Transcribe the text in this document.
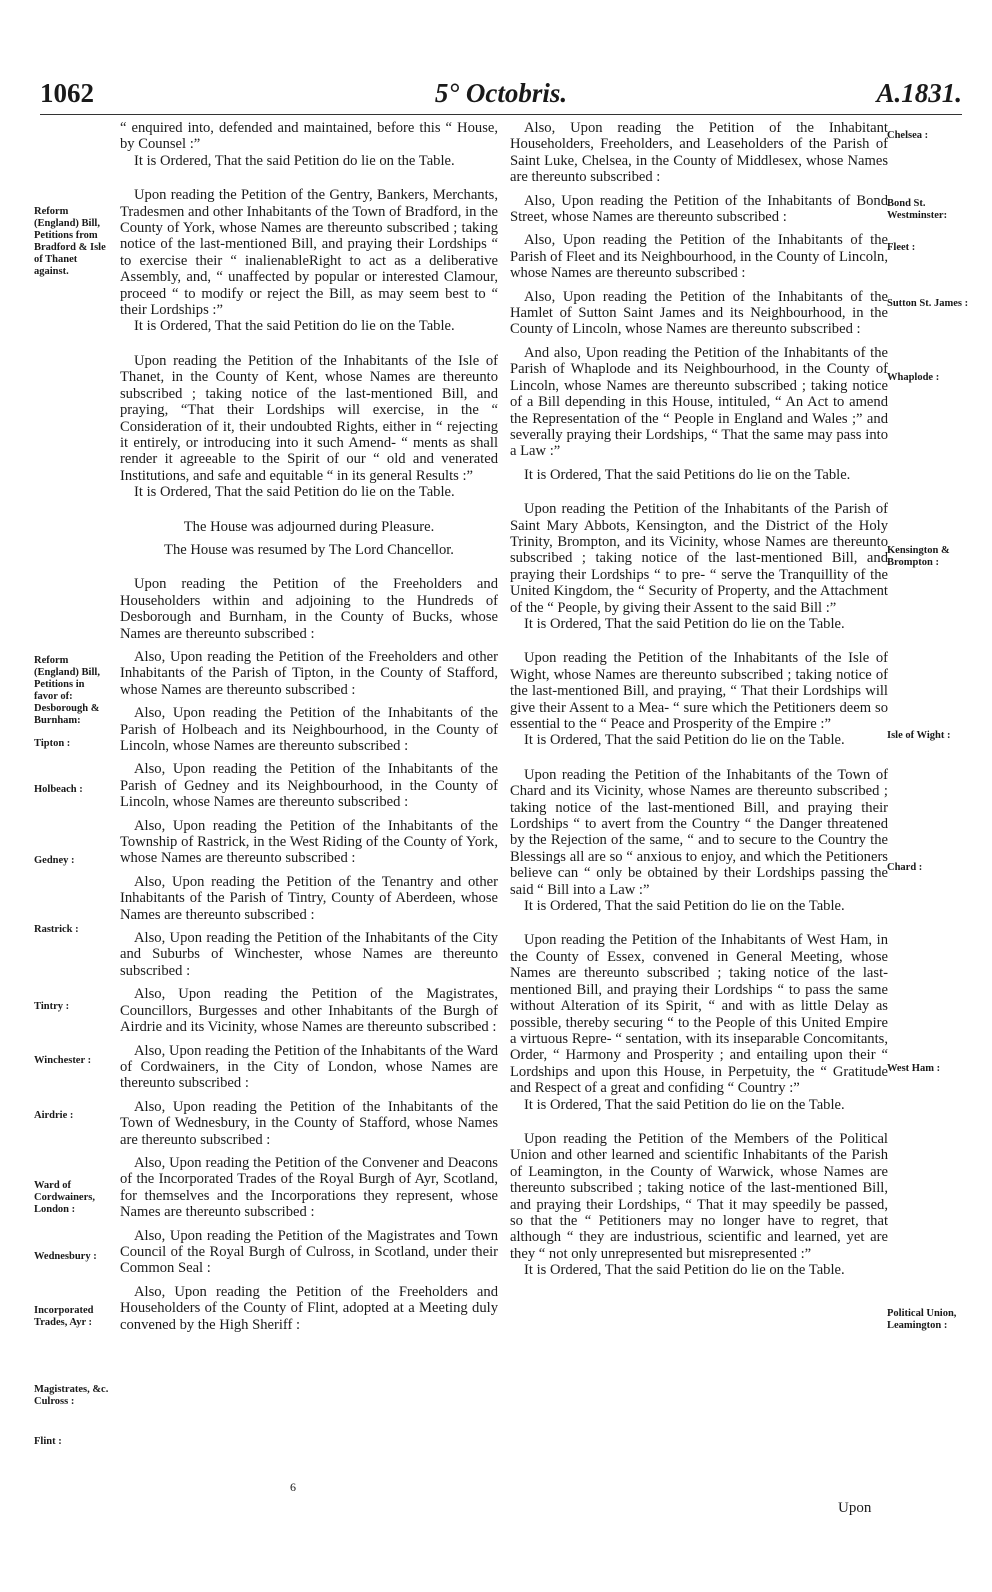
1062	5° Octobris.	A.1831.

“ enquired into, defended and maintained, before this “ House, by Counsel :”

It is Ordered, That the said Petition do lie on the Table.

Upon reading the Petition of the Gentry, Bankers, Merchants, Tradesmen and other Inhabitants of the Town of Bradford, in the County of York, whose Names are thereunto subscribed ; taking notice of the last-mentioned Bill, and praying their Lordships “ to exercise their “ inalienableRight to act as a deliberative Assembly, and, “ unaffected by popular or interested Clamour, proceed “ to modify or reject the Bill, as may seem best to “ their Lordships :”

It is Ordered, That the said Petition do lie on the Table.

Upon reading the Petition of the Inhabitants of the Isle of Thanet, in the County of Kent, whose Names are thereunto subscribed ; taking notice of the last-mentioned Bill, and praying, “That their Lordships will exercise, in the “ Consideration of it, their undoubted Rights, either in “ rejecting it entirely, or introducing into it such Amend- “ ments as shall render it agreeable to the Spirit of our “ old and venerated Institutions, and safe and equitable “ in its general Results :”

It is Ordered, That the said Petition do lie on the Table.

The House was adjourned during Pleasure.

The House was resumed by The Lord Chancellor.

Upon reading the Petition of the Freeholders and Householders within and adjoining to the Hundreds of Desborough and Burnham, in the County of Bucks, whose Names are thereunto subscribed :

Also, Upon reading the Petition of the Freeholders and other Inhabitants of the Parish of Tipton, in the County of Stafford, whose Names are thereunto subscribed :

Also, Upon reading the Petition of the Inhabitants of the Parish of Holbeach and its Neighbourhood, in the County of Lincoln, whose Names are thereunto subscribed :

Also, Upon reading the Petition of the Inhabitants of the Parish of Gedney and its Neighbourhood, in the County of Lincoln, whose Names are thereunto subscribed :

Also, Upon reading the Petition of the Inhabitants of the Township of Rastrick, in the West Riding of the County of York, whose Names are thereunto subscribed :

Also, Upon reading the Petition of the Tenantry and other Inhabitants of the Parish of Tintry, County of Aberdeen, whose Names are thereunto subscribed :

Also, Upon reading the Petition of the Inhabitants of the City and Suburbs of Winchester, whose Names are thereunto subscribed :

Also, Upon reading the Petition of the Magistrates, Councillors, Burgesses and other Inhabitants of the Burgh of Airdrie and its Vicinity, whose Names are thereunto subscribed :

Also, Upon reading the Petition of the Inhabitants of the Ward of Cordwainers, in the City of London, whose Names are thereunto subscribed :

Also, Upon reading the Petition of the Inhabitants of the Town of Wednesbury, in the County of Stafford, whose Names are thereunto subscribed :

Also, Upon reading the Petition of the Convener and Deacons of the Incorporated Trades of the Royal Burgh of Ayr, Scotland, for themselves and the Incorporations they represent, whose Names are thereunto subscribed :

Also, Upon reading the Petition of the Magistrates and Town Council of the Royal Burgh of Culross, in Scotland, under their Common Seal :

Also, Upon reading the Petition of the Freeholders and Householders of the County of Flint, adopted at a Meeting duly convened by the High Sheriff :

Also, Upon reading the Petition of the Inhabitant Householders, Freeholders, and Leaseholders of the Parish of Saint Luke, Chelsea, in the County of Middlesex, whose Names are thereunto subscribed :

Also, Upon reading the Petition of the Inhabitants of Bond Street, whose Names are thereunto subscribed :

Also, Upon reading the Petition of the Inhabitants of the Parish of Fleet and its Neighbourhood, in the County of Lincoln, whose Names are thereunto subscribed :

Also, Upon reading the Petition of the Inhabitants of the Hamlet of Sutton Saint James and its Neighbourhood, in the County of Lincoln, whose Names are thereunto subscribed :

And also, Upon reading the Petition of the Inhabitants of the Parish of Whaplode and its Neighbourhood, in the County of Lincoln, whose Names are thereunto subscribed ; taking notice of a Bill depending in this House, intituled, “ An Act to amend the Representation of the “ People in England and Wales ;” and severally praying their Lordships, “ That the same may pass into a Law :”

It is Ordered, That the said Petitions do lie on the Table.

Upon reading the Petition of the Inhabitants of the Parish of Saint Mary Abbots, Kensington, and the District of the Holy Trinity, Brompton, and its Vicinity, whose Names are thereunto subscribed ; taking notice of the last-mentioned Bill, and praying their Lordships “ to pre- “ serve the Tranquillity of the United Kingdom, the “ Security of Property, and the Attachment of the “ People, by giving their Assent to the said Bill :”

It is Ordered, That the said Petition do lie on the Table.

Upon reading the Petition of the Inhabitants of the Isle of Wight, whose Names are thereunto subscribed ; taking notice of the last-mentioned Bill, and praying, “ That their Lordships will give their Assent to a Mea- “ sure which the Petitioners deem so essential to the “ Peace and Prosperity of the Empire :”

It is Ordered, That the said Petition do lie on the Table.

Upon reading the Petition of the Inhabitants of the Town of Chard and its Vicinity, whose Names are thereunto subscribed ; taking notice of the last-mentioned Bill, and praying their Lordships “ to avert from the Country “ the Danger threatened by the Rejection of the same, “ and to secure to the Country the Blessings all are so “ anxious to enjoy, and which the Petitioners believe can “ only be obtained by their Lordships passing the said “ Bill into a Law :”

It is Ordered, That the said Petition do lie on the Table.

Upon reading the Petition of the Inhabitants of West Ham, in the County of Essex, convened in General Meeting, whose Names are thereunto subscribed ; taking notice of the last-mentioned Bill, and praying their Lordships “ to pass the same without Alteration of its Spirit, “ and with as little Delay as possible, thereby securing “ to the People of this United Empire a virtuous Repre- “ sentation, with its inseparable Concomitants, Order, “ Harmony and Prosperity ; and entailing upon their “ Lordships and upon this House, in Perpetuity, the “ Gratitude and Respect of a great and confiding “ Country :”

It is Ordered, That the said Petition do lie on the Table.

Upon reading the Petition of the Members of the Political Union and other learned and scientific Inhabitants of the Parish of Leamington, in the County of Warwick, whose Names are thereunto subscribed ; taking notice of the last-mentioned Bill, and praying their Lordships, “ That it may speedily be passed, so that the “ Petitioners may no longer have to regret, that although “ they are industrious, scientific and learned, yet are they “ not only unrepresented but misrepresented :”

It is Ordered, That the said Petition do lie on the Table.

Reform (England) Bill, Petitions from Bradford & Isle of Thanet against.
Reform (England) Bill, Petitions in favor of: Desborough & Burnham:
Tipton :
Holbeach :
Gedney :
Rastrick :
Tintry :
Winchester :
Airdrie :
Ward of Cordwainers, London :
Wednesbury :
Incorporated Trades, Ayr :
Magistrates, &c. Culross :
Flint :
Chelsea :
Bond St. Westminster:
Fleet :
Sutton St. James :
Whaplode :
Kensington & Brompton :
Isle of Wight :
Chard :
West Ham :
Political Union, Leamington :
6
Upon
